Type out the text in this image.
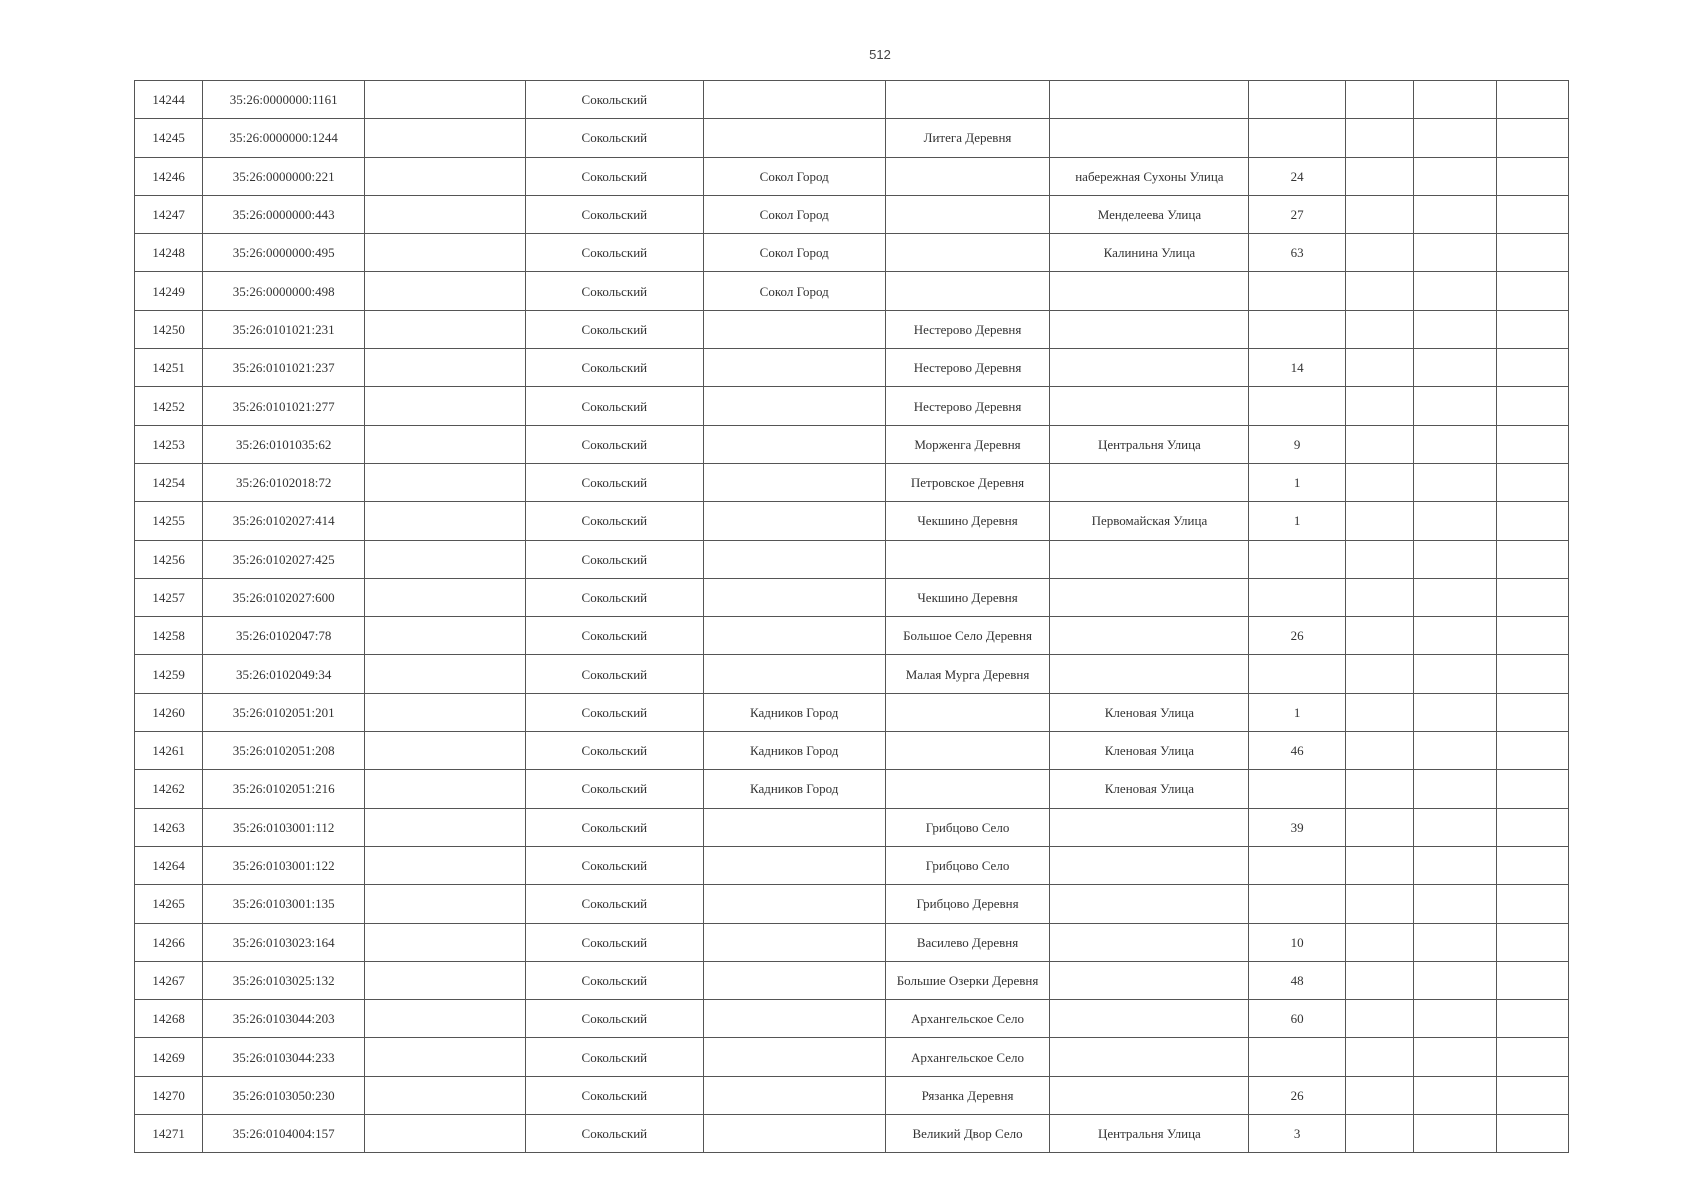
512
14244	35:26:0000000:1161		Сокольский							
14245	35:26:0000000:1244		Сокольский		Литега Деревня					
14246	35:26:0000000:221		Сокольский	Сокол Город		набережная Сухоны Улица	24			
14247	35:26:0000000:443		Сокольский	Сокол Город		Менделеева Улица	27			
14248	35:26:0000000:495		Сокольский	Сокол Город		Калинина Улица	63			
14249	35:26:0000000:498		Сокольский	Сокол Город						
14250	35:26:0101021:231		Сокольский		Нестерово Деревня					
14251	35:26:0101021:237		Сокольский		Нестерово Деревня		14			
14252	35:26:0101021:277		Сокольский		Нестерово Деревня					
14253	35:26:0101035:62		Сокольский		Морженга Деревня	Центральня Улица	9			
14254	35:26:0102018:72		Сокольский		Петровское Деревня		1			
14255	35:26:0102027:414		Сокольский		Чекшино Деревня	Первомайская Улица	1			
14256	35:26:0102027:425		Сокольский							
14257	35:26:0102027:600		Сокольский		Чекшино Деревня					
14258	35:26:0102047:78		Сокольский		Большое Село Деревня		26			
14259	35:26:0102049:34		Сокольский		Малая Мурга Деревня					
14260	35:26:0102051:201		Сокольский	Кадников Город		Кленовая Улица	1			
14261	35:26:0102051:208		Сокольский	Кадников Город		Кленовая Улица	46			
14262	35:26:0102051:216		Сокольский	Кадников Город		Кленовая Улица				
14263	35:26:0103001:112		Сокольский		Грибцово Село		39			
14264	35:26:0103001:122		Сокольский		Грибцово Село					
14265	35:26:0103001:135		Сокольский		Грибцово Деревня					
14266	35:26:0103023:164		Сокольский		Василево Деревня		10			
14267	35:26:0103025:132		Сокольский		Большие Озерки Деревня		48			
14268	35:26:0103044:203		Сокольский		Архангельское Село		60			
14269	35:26:0103044:233		Сокольский		Архангельское Село					
14270	35:26:0103050:230		Сокольский		Рязанка Деревня		26			
14271	35:26:0104004:157		Сокольский		Великий Двор Село	Центральня Улица	3			
